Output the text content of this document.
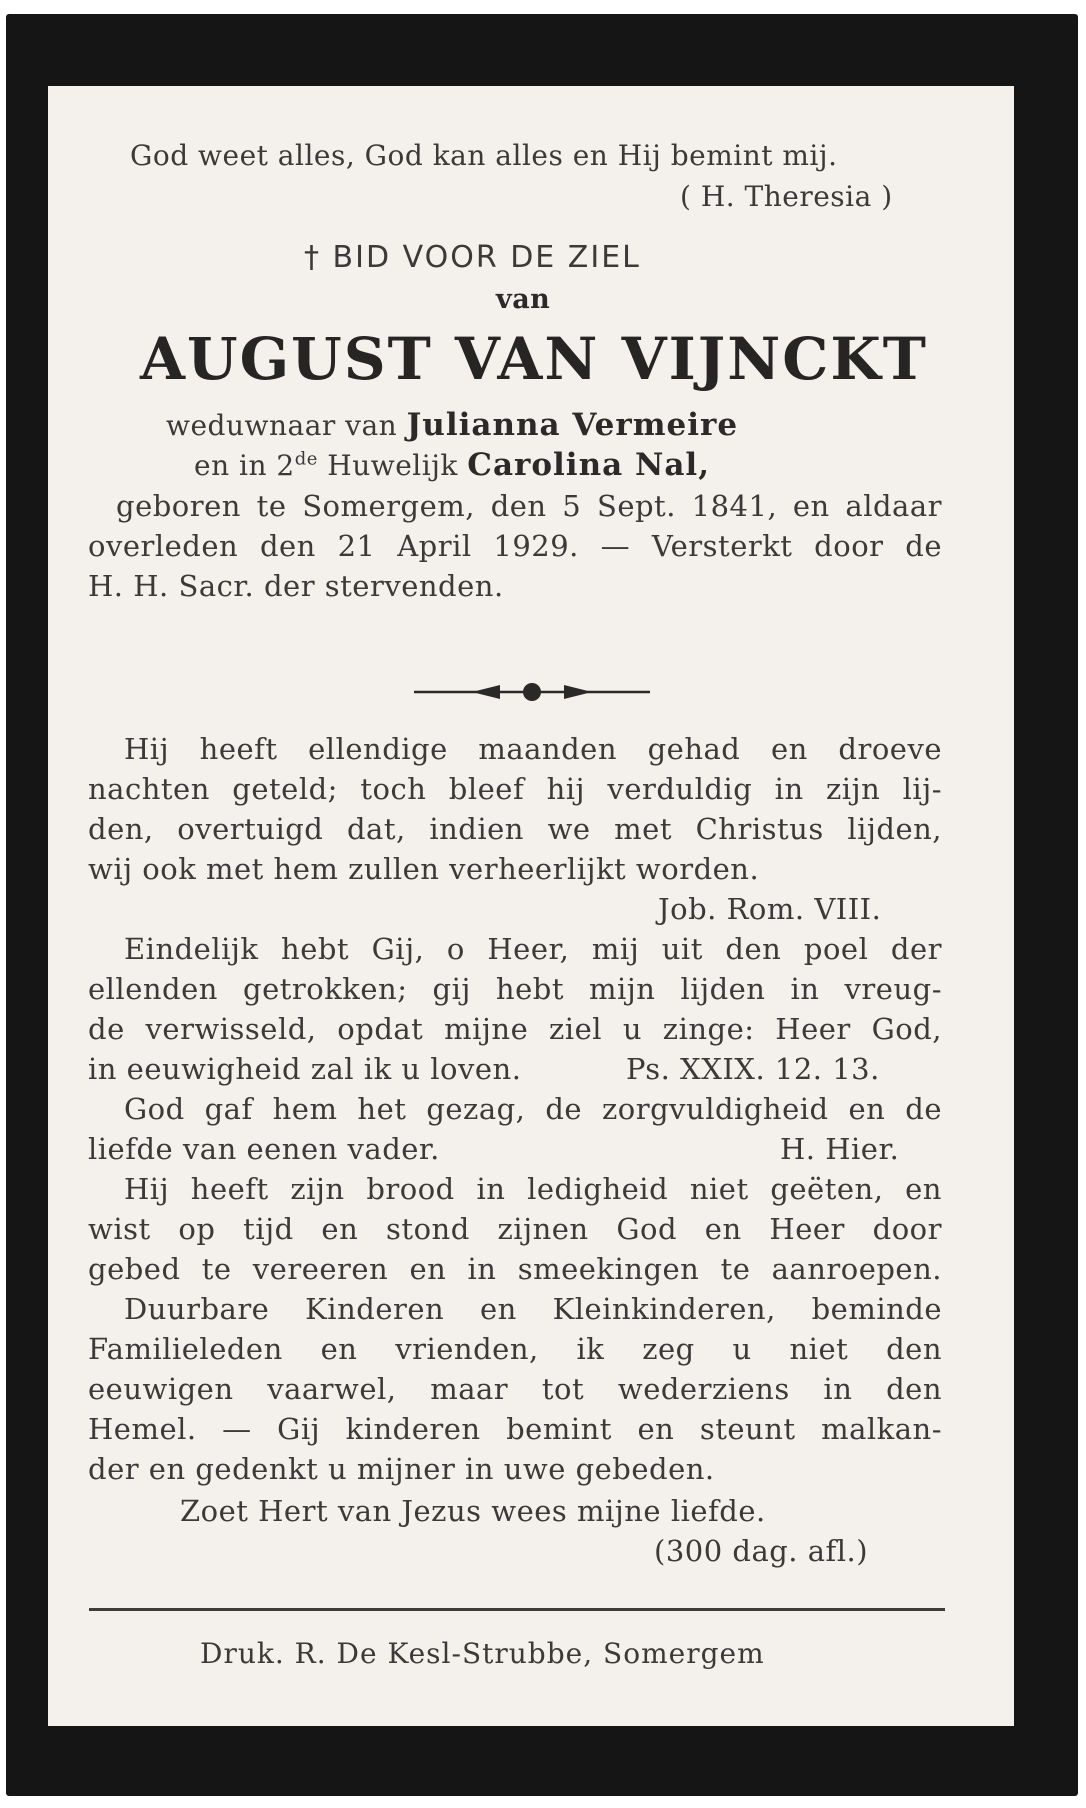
God weet alles, God kan alles en Hij bemint mij.
( H. Theresia )
† BID VOOR DE ZIEL
van
AUGUST VAN VIJNCKT
weduwnaar van Julianna Vermeire
en in 2de Huwelijk Carolina Nal,
geboren te Somergem, den 5 Sept. 1841, en aldaar
overleden den 21 April 1929. — Versterkt door de
H. H. Sacr. der stervenden.
Hij heeft ellendige maanden gehad en droeve
nachten geteld; toch bleef hij verduldig in zijn lij-
den, overtuigd dat, indien we met Christus lijden,
wij ook met hem zullen verheerlijkt worden.
Job. Rom. VIII.
Eindelijk hebt Gij, o Heer, mij uit den poel der
ellenden getrokken; gij hebt mijn lijden in vreug-
de verwisseld, opdat mijne ziel u zinge: Heer God,
in eeuwigheid zal ik u loven.	Ps. XXIX. 12. 13.
God gaf hem het gezag, de zorgvuldigheid en de
liefde van eenen vader.	H. Hier.
Hij heeft zijn brood in ledigheid niet geëten, en
wist op tijd en stond zijnen God en Heer door
gebed te vereeren en in smeekingen te aanroepen.
Duurbare Kinderen en Kleinkinderen, beminde
Familieleden en vrienden, ik zeg u niet den
eeuwigen vaarwel, maar tot wederziens in den
Hemel. — Gij kinderen bemint en steunt malkan-
der en gedenkt u mijner in uwe gebeden.
Zoet Hert van Jezus wees mijne liefde.
(300 dag. afl.)
Druk. R. De Kesl-Strubbe, Somergem
